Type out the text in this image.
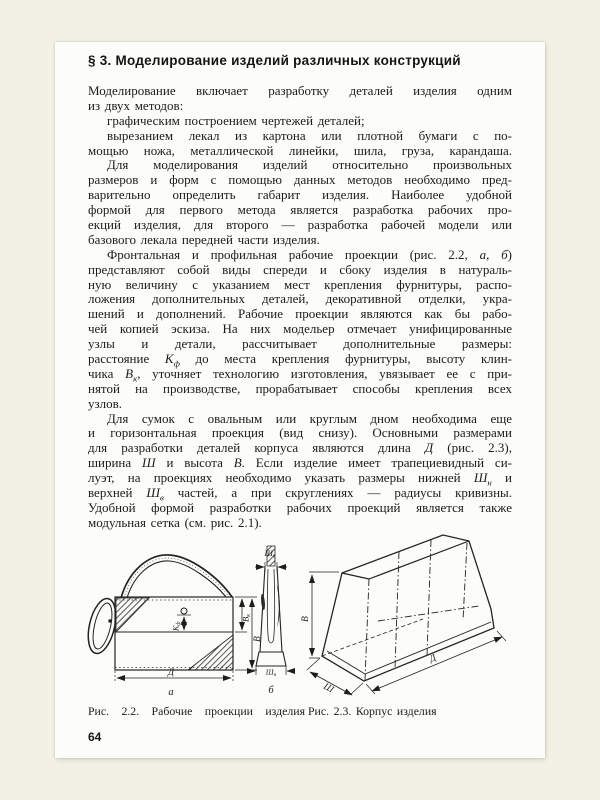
§ 3. Моделирование изделий различных конструкций
Моделирование включает разработку деталей изделия одним
из двух методов:
графическим построением чертежей деталей;
вырезанием лекал из картона или плотной бумаги с по-
мощью ножа, металлической линейки, шила, груза, карандаша.
Для моделирования изделий относительно произвольных
размеров и форм с помощью данных методов необходимо пред-
варительно определить габарит изделия. Наиболее удобной
формой для первого метода является разработка рабочих про-
екций изделия, для второго — разработка рабочей модели или
базового лекала передней части изделия.
Фронтальная и профильная рабочие проекции (рис. 2.2, а, б)
представляют собой виды спереди и сбоку изделия в натураль-
ную величину с указанием мест крепления фурнитуры, распо-
ложения дополнительных деталей, декоративной отделки, укра-
шений и дополнений. Рабочие проекции являются как бы рабо-
чей копией эскиза. На них модельер отмечает унифицированные
узлы и детали, рассчитывает дополнительные размеры:
расстояние $К_ф$ до места крепления фурнитуры, высоту клин-
чика $В_к$, уточняет технологию изготовления, увязывает ее с при-
нятой на производстве, прорабатывает способы крепления всех
узлов.
Для сумок с овальным или круглым дном необходима еще
и горизонтальная проекция (вид снизу). Основными размерами
для разработки деталей корпуса являются длина Д (рис. 2.3),
ширина Ш и высота В. Если изделие имеет трапециевидный си-
луэт, на проекциях необходимо указать размеры нижней $Ш_н$ и
верхней $Ш_в$ частей, а при скруглениях — радиусы кривизны.
Удобной формой разработки рабочих проекций является также
модульная сетка (см. рис. 2.1).
Вк
В
Кф
Д
а
Шв
Шн
б
В
Ш
Д
Рис. 2.2. Рабочие проекции изделия Рис. 2.3. Корпус изделия
64
